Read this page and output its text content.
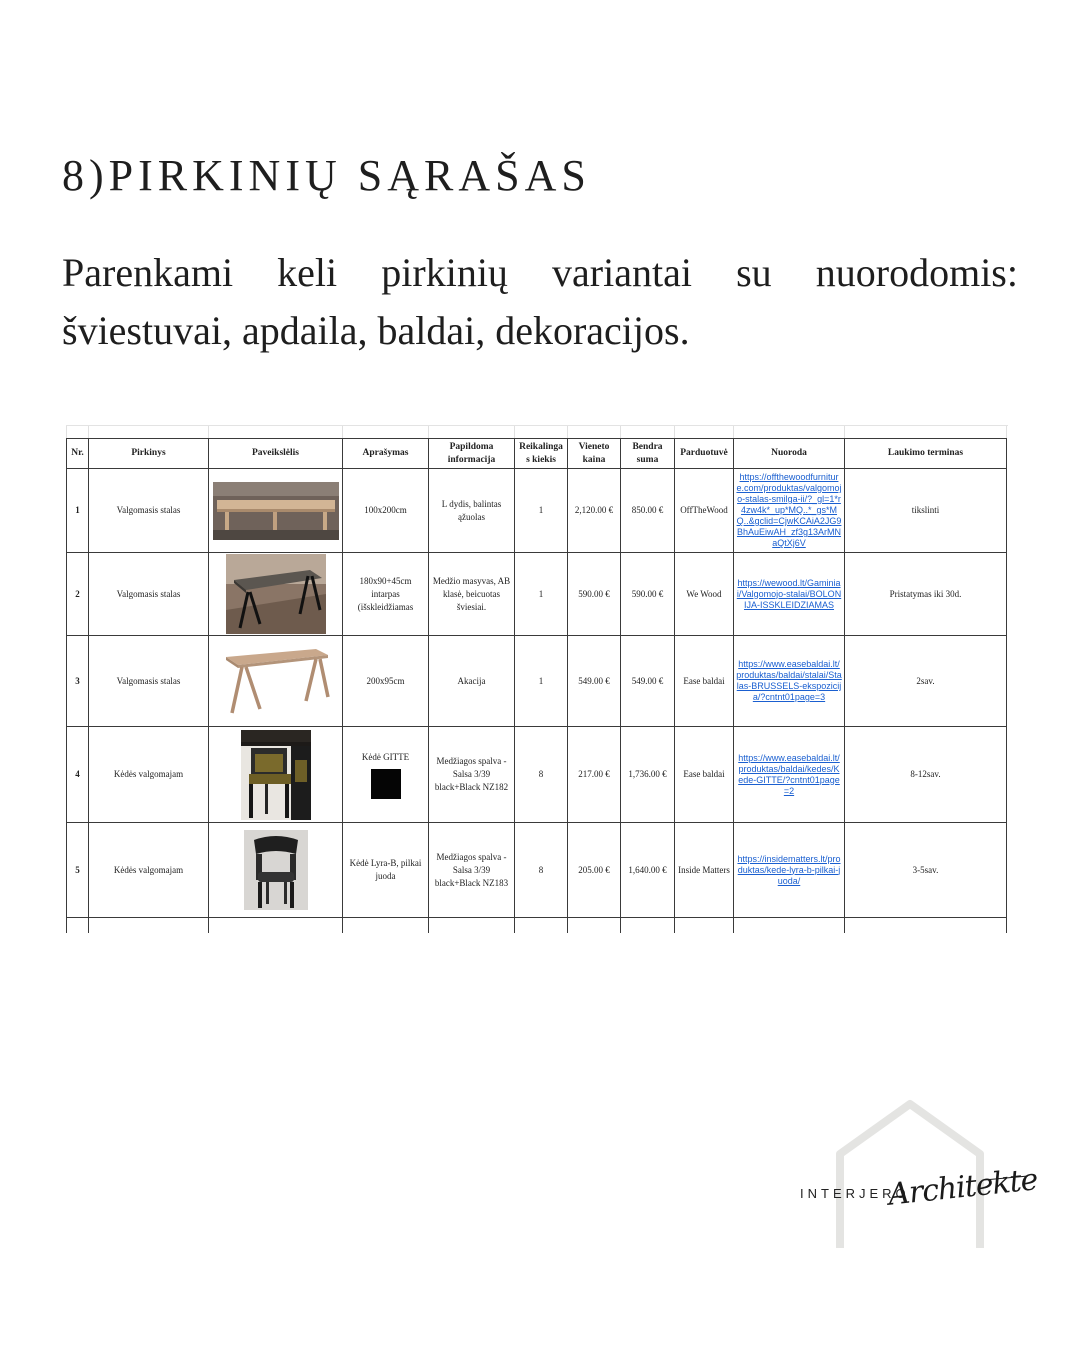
8)PIRKINIŲ SĄRAŠAS

Parenkami keli pirkinių variantai su nuorodomis: šviestuvai, apdaila, baldai, dekoracijos.

Nr.	Pirkinys	Paveikslėlis	Aprašymas	Papildoma informacija	Reikalinga s kiekis	Vieneto kaina	Bendra suma	Parduotuvė	Nuoroda	Laukimo terminas
1	Valgomasis stalas		100x200cm	L dydis, balintas ąžuolas	1	2,120.00 €	850.00 €	OffTheWood	https://offthewoodfurniture.com/produktas/valgomojo-stalas-smilga-ii/?_gl=1*r4zw4k*_up*MQ..*_gs*MQ..&gclid=CjwKCAiA2JG9BhAuEiwAH_zf3g13ArMNaQtXj6V	tikslinti
2	Valgomasis stalas		180x90+45cm intarpas (išskleidžiamas	Medžio masyvas, AB klasė, beicuotas šviesiai.	1	590.00 €	590.00 €	We Wood	https://wewood.lt/Gaminiai/Valgomojo-stalai/BOLONIJA-ISSKLEIDZIAMAS	Pristatymas iki 30d.
3	Valgomasis stalas		200x95cm	Akacija	1	549.00 €	549.00 €	Ease baldai	https://www.easebaldai.lt/produktas/baldai/stalai/Stalas-BRUSSELS-ekspozicija/?cntnt01page=3	2sav.
4	Kėdės valgomajam		Kėdė GITTE	Medžiagos spalva - Salsa 3/39 black+Black NZ182	8	217.00 €	1,736.00 €	Ease baldai	https://www.easebaldai.lt/produktas/baldai/kedes/Kede-GITTE/?cntnt01page=2	8-12sav.
5	Kėdės valgomajam		Kėdė Lyra-B, pilkai juoda	Medžiagos spalva - Salsa 3/39 black+Black NZ183	8	205.00 €	1,640.00 €	Inside Matters	https://insidematters.lt/produktas/kede-lyra-b-pilkai-juoda/	3-5sav.

INTERJERO
Architekte
